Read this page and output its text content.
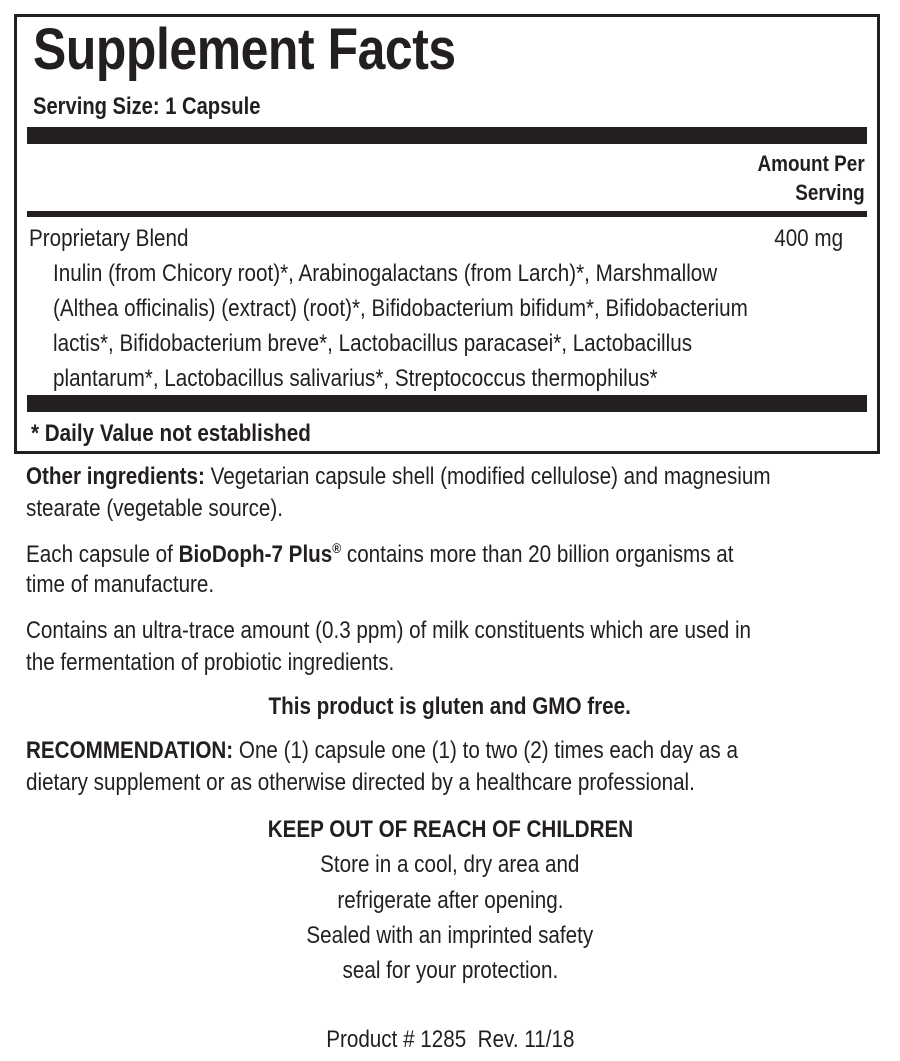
Supplement Facts
Serving Size: 1 Capsule
Amount Per
Serving
Proprietary Blend	400 mg
Inulin (from Chicory root)*, Arabinogalactans (from Larch)*, Marshmallow
(Althea officinalis) (extract) (root)*, Bifidobacterium bifidum*, Bifidobacterium
lactis*, Bifidobacterium breve*, Lactobacillus paracasei*, Lactobacillus
plantarum*, Lactobacillus salivarius*, Streptococcus thermophilus*
* Daily Value not established
Other ingredients: Vegetarian capsule shell (modified cellulose) and magnesium
stearate (vegetable source).
Each capsule of BioDoph-7 Plus® contains more than 20 billion organisms at
time of manufacture.
Contains an ultra-trace amount (0.3 ppm) of milk constituents which are used in
the fermentation of probiotic ingredients.
This product is gluten and GMO free.
RECOMMENDATION: One (1) capsule one (1) to two (2) times each day as a
dietary supplement or as otherwise directed by a healthcare professional.
KEEP OUT OF REACH OF CHILDREN
Store in a cool, dry area and
refrigerate after opening.
Sealed with an imprinted safety
seal for your protection.
Product # 1285  Rev. 11/18
